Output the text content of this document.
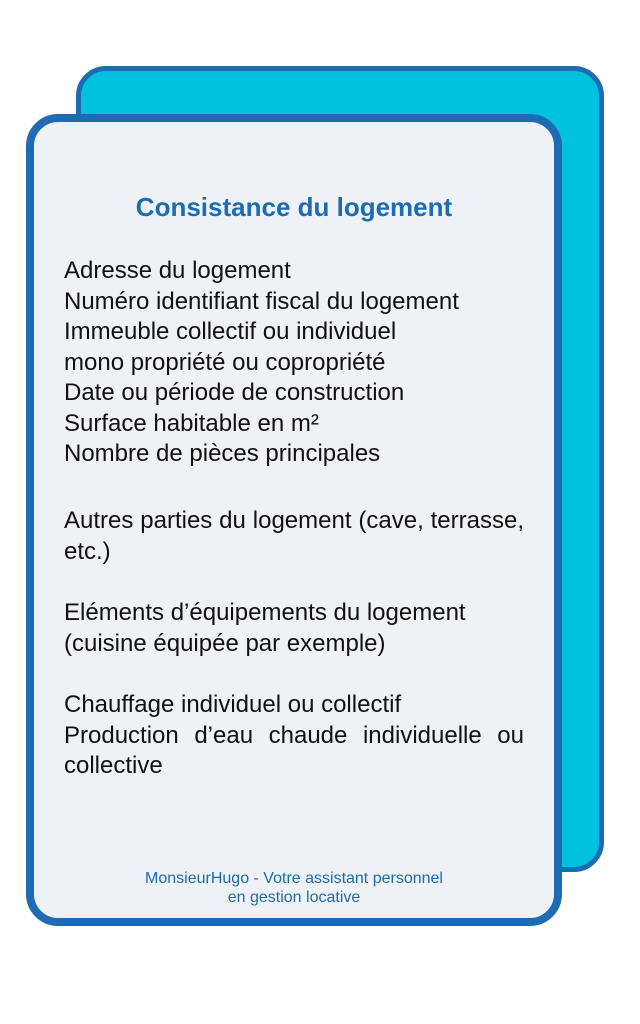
Consistance du logement

Adresse du logement

Numéro identifiant fiscal du logement

Immeuble collectif ou individuel

mono propriété ou copropriété

Date ou période de construction

Surface habitable en m²

Nombre de pièces principales

Autres parties du logement (cave, terrasse, etc.)

Eléments d’équipements du logement

(cuisine équipée par exemple)

Chauffage individuel ou collectif

Production d’eau chaude individuelle ou collective

MonsieurHugo - Votre assistant personnel

en gestion locative
